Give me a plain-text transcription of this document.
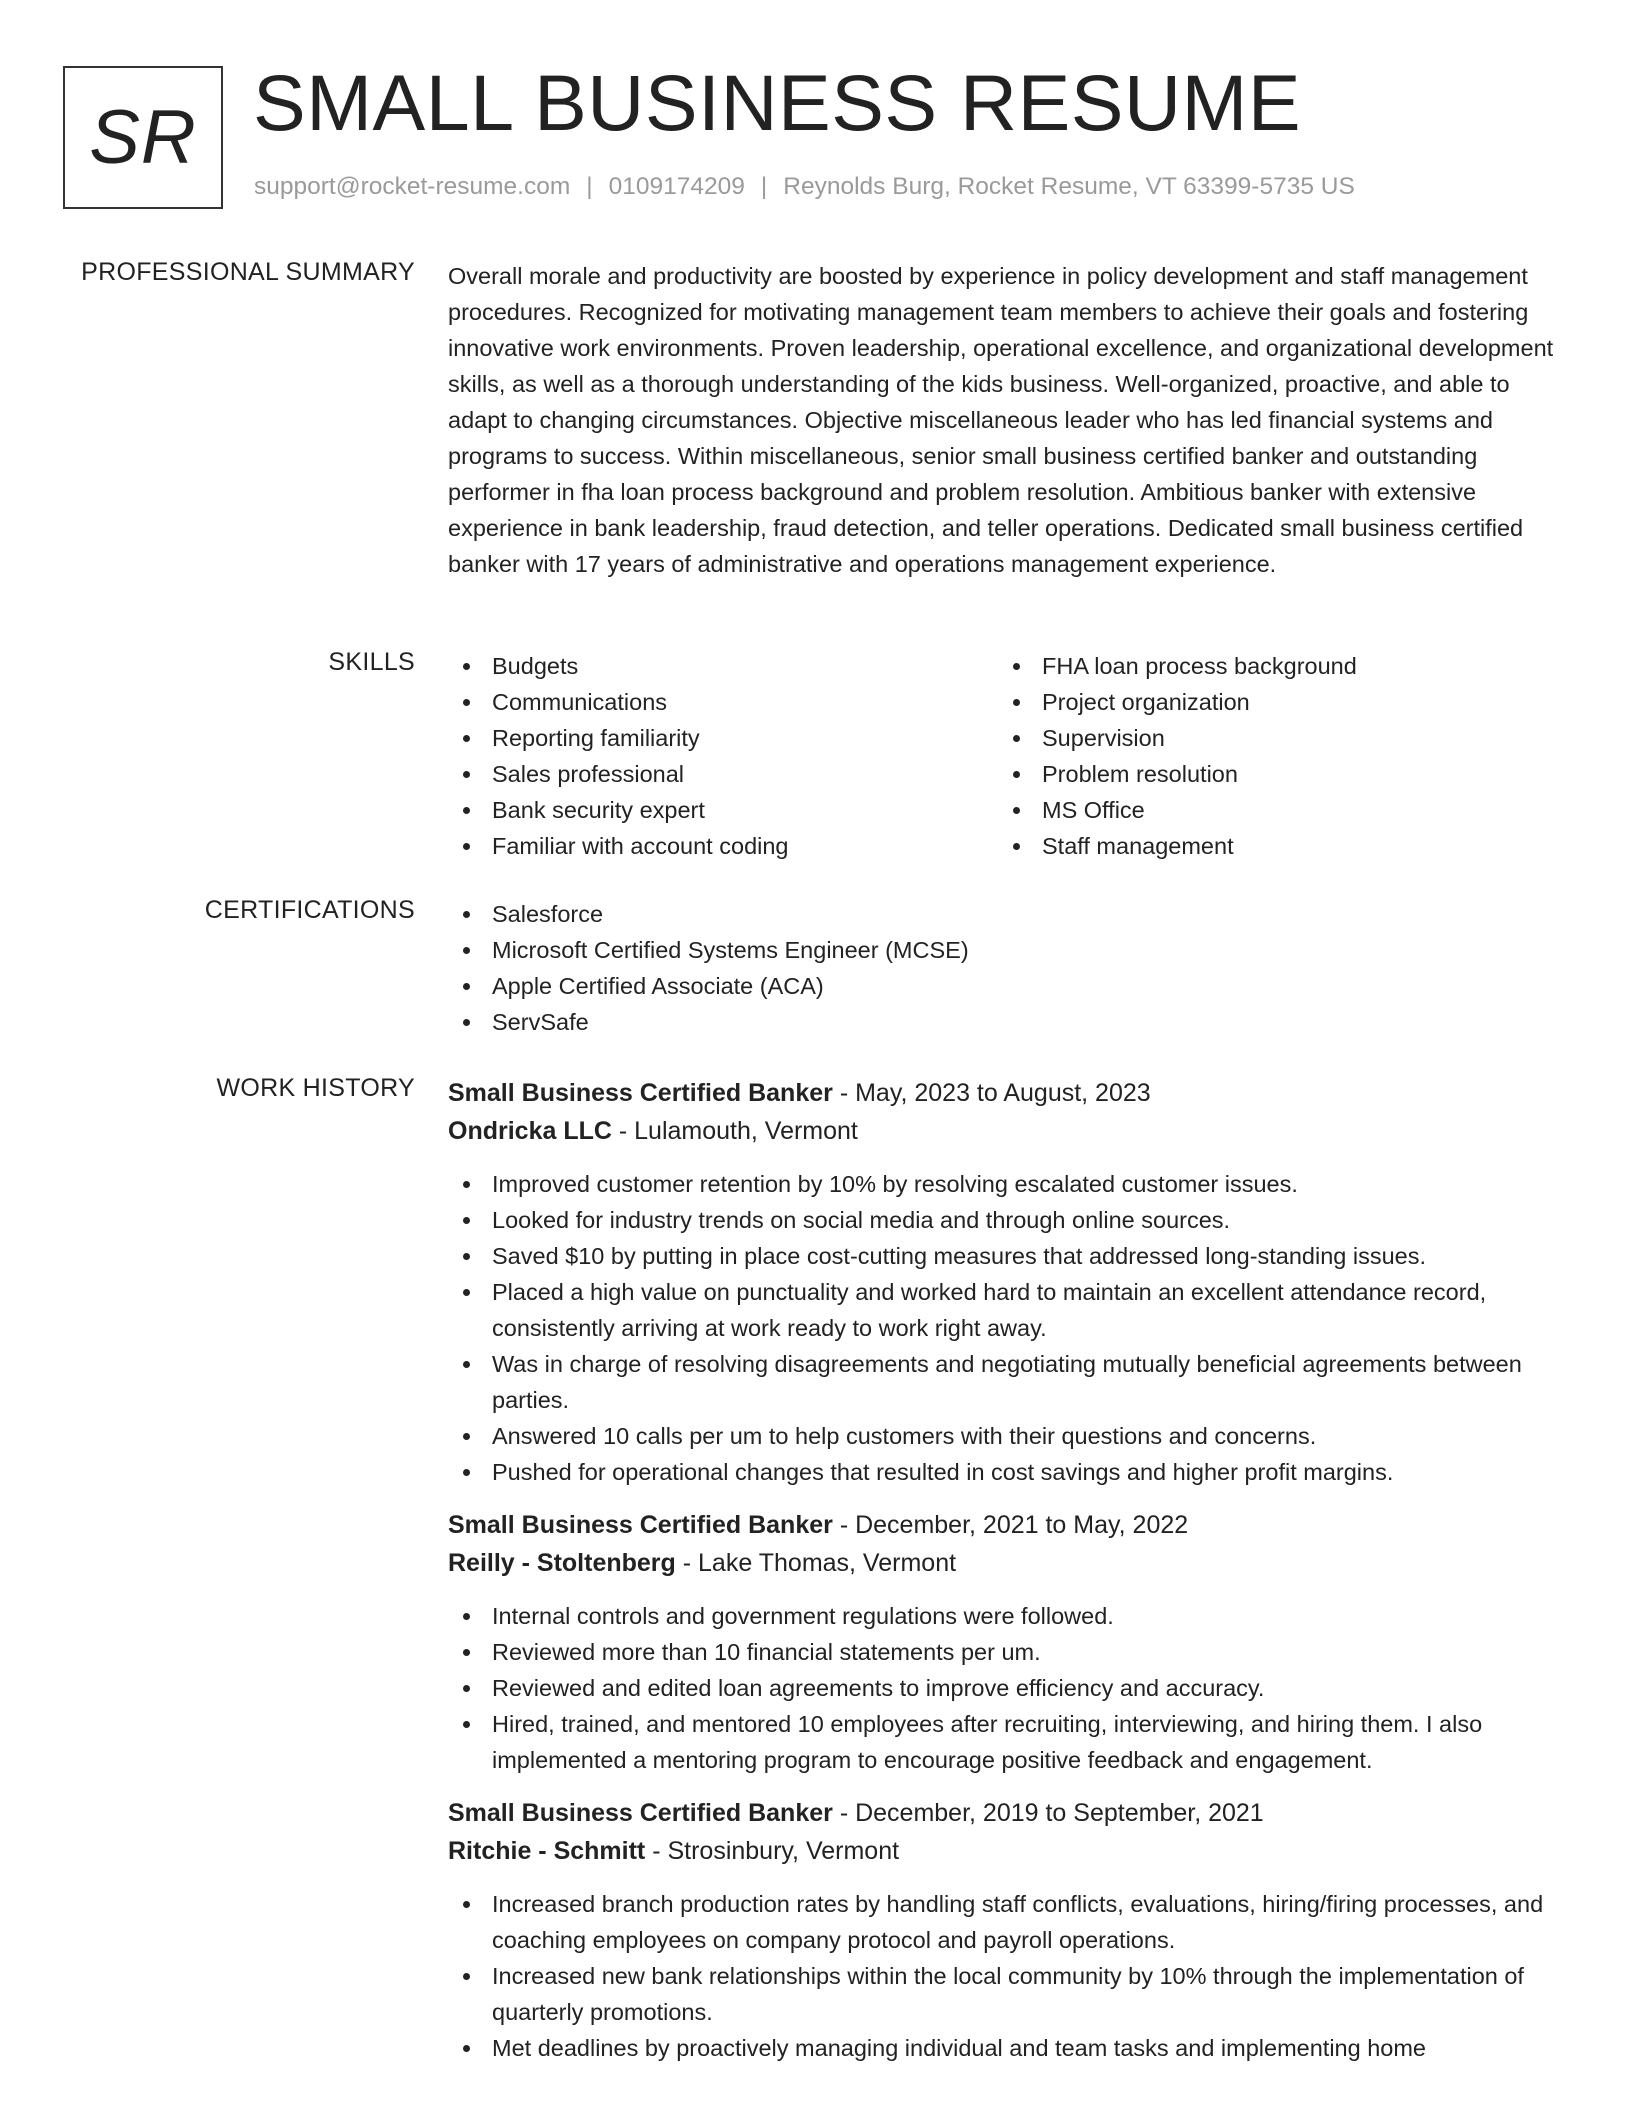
SR SMALL BUSINESS RESUME
support@rocket-resume.com | 0109174209 | Reynolds Burg, Rocket Resume, VT 63399-5735 US
PROFESSIONAL SUMMARY Overall morale and productivity are boosted by experience in policy development and staff management procedures. Recognized for motivating management team members to achieve their goals and fostering innovative work environments. Proven leadership, operational excellence, and organizational development skills, as well as a thorough understanding of the kids business. Well-organized, proactive, and able to adapt to changing circumstances. Objective miscellaneous leader who has led financial systems and programs to success. Within miscellaneous, senior small business certified banker and outstanding performer in fha loan process background and problem resolution. Ambitious banker with extensive experience in bank leadership, fraud detection, and teller operations. Dedicated small business certified banker with 17 years of administrative and operations management experience.
SKILLS	Budgets
Communications
Reporting familiarity
Sales professional
Bank security expert
Familiar with account coding
FHA loan process background
Project organization
Supervision
Problem resolution
MS Office
Staff management
CERTIFICATIONS	Salesforce
Microsoft Certified Systems Engineer (MCSE)
Apple Certified Associate (ACA)
ServSafe
WORK HISTORY Small Business Certified Banker - May, 2023 to August, 2023
Ondricka LLC - Lulamouth, Vermont
Improved customer retention by 10% by resolving escalated customer issues.
Looked for industry trends on social media and through online sources.
Saved $10 by putting in place cost-cutting measures that addressed long-standing issues.
Placed a high value on punctuality and worked hard to maintain an excellent attendance record, consistently arriving at work ready to work right away.
Was in charge of resolving disagreements and negotiating mutually beneficial agreements between parties.
Answered 10 calls per um to help customers with their questions and concerns.
Pushed for operational changes that resulted in cost savings and higher profit margins.
Small Business Certified Banker - December, 2021 to May, 2022
Reilly - Stoltenberg - Lake Thomas, Vermont
Internal controls and government regulations were followed.
Reviewed more than 10 financial statements per um.
Reviewed and edited loan agreements to improve efficiency and accuracy.
Hired, trained, and mentored 10 employees after recruiting, interviewing, and hiring them. I also implemented a mentoring program to encourage positive feedback and engagement.
Small Business Certified Banker - December, 2019 to September, 2021
Ritchie - Schmitt - Strosinbury, Vermont
Increased branch production rates by handling staff conflicts, evaluations, hiring/firing processes, and coaching employees on company protocol and payroll operations.
Increased new bank relationships within the local community by 10% through the implementation of quarterly promotions.
Met deadlines by proactively managing individual and team tasks and implementing home
